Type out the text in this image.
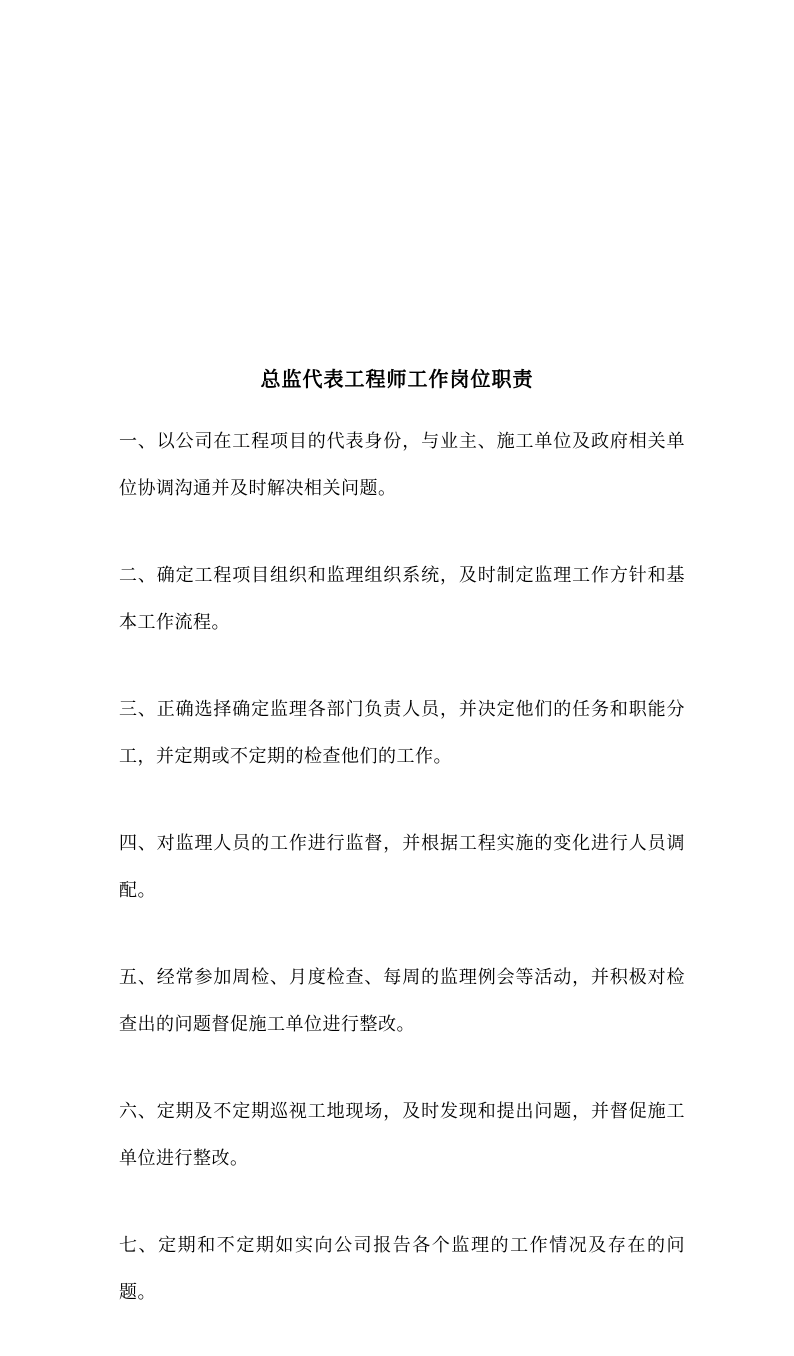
总监代表工程师工作岗位职责
一、以公司在工程项目的代表身份，与业主、施工单位及政府相关单位协调沟通并及时解决相关问题。
二、确定工程项目组织和监理组织系统，及时制定监理工作方针和基本工作流程。
三、正确选择确定监理各部门负责人员，并决定他们的任务和职能分工，并定期或不定期的检查他们的工作。
四、对监理人员的工作进行监督，并根据工程实施的变化进行人员调配。
五、经常参加周检、月度检查、每周的监理例会等活动，并积极对检查出的问题督促施工单位进行整改。
六、定期及不定期巡视工地现场，及时发现和提出问题，并督促施工单位进行整改。
七、定期和不定期如实向公司报告各个监理的工作情况及存在的问题。
